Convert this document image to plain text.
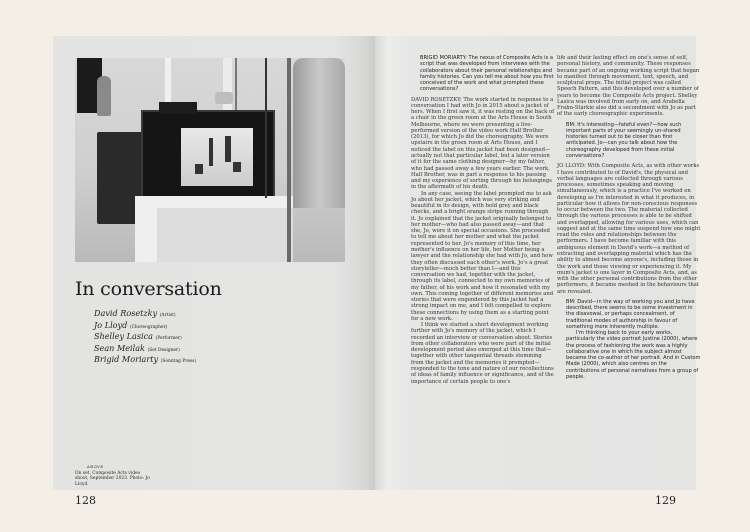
In conversation
David Rosetzky (Artist)
Jo Lloyd (Choreographer)
Shelley Lasica (Performer)
Sean Meilak (Set Designer)
Brigid Moriarty (Sonntag Press)
ABOVE
On set, Composite Acts video shoot, September 2023. Photo: Jo Lloyd.
128	129

BRIGID MORIARTY: The nexus of Composite Acts is a script that was developed from interviews with the collaborators about their personal relationships and family histories. Can you tell me about how you first conceived of the work and what prompted these conversations?

DAVID ROSETZKY: The work started in response to a conversation I had with Jo in 2015 about a jacket of hers. When I first saw it, it was resting on the back of a chair in the green room at the Arts House in South Melbourne, where we were presenting a live-performed version of the video work Half Brother (2013), for which Jo did the choreography. We were upstairs in the green room at Arts House, and I noticed the label on this jacket had been designed—actually not that particular label, but a later version of it for the same clothing designer—by my father, who had passed away a few years earlier. The work, Half Brother, was in part a response to his passing and my experience of sorting through his belongings in the aftermath of his death.

In any case, seeing the label prompted me to ask Jo about her jacket, which was very striking and beautiful in its design, with bold grey and black checks, and a bright orange stripe running through it. Jo explained that the jacket originally belonged to her mother—who had also passed away—and that she, Jo, wore it on special occasions. She proceeded to tell me about her mother and what the jacket represented to her. Jo's memory of this time, her mother's influence on her life, her Mother being a lawyer and the relationship she had with Jo, and how they often discussed each other's work. Jo's a great storyteller—much better than I—and this conversation we had, together with the jacket, through its label, connected to my own memories of my father, of his work and how it resonated with my own. This coming together of different memories and stories that were engendered by this jacket had a strong impact on me, and I felt compelled to explore these connections by using them as a starting point for a new work.

I think we started a short development working further with Jo's memory of the jacket, which I recorded an interview or conversation about. Stories from other collaborators who were part of the initial development period also emerged at this time that—together with other tangential threads stemming from the jacket and the memories it prompted—responded to the tone and nature of our recollections of ideas of family influence or significance, and of the importance of certain people to one's

life and their lasting effect on one's sense of self, personal history, and community. These responses became part of an ongoing working script that began to manifest through movement, text, speech, and sculptural props. The initial project was called Speech Pattern, and this developed over a number of years to become the Composite Acts project. Shelley Lasica was involved from early on, and Arabella Frahn-Starkie also did a secondment with Jo as part of the early choreographic experiments.

BM: It's interesting—fateful even?—how such important parts of your seemingly un-shared histories turned out to be closer than first anticipated. Jo—can you talk about how the choreography developed from these initial conversations?

JO LLOYD: With Composite Acts, as with other works I have contributed to of David's, the physical and verbal languages are collected through various processes, sometimes speaking and moving simultaneously, which is a practice I've worked on developing as I'm interested in what it produces, in particular how it allows for non-conscious responses to occur between the two. The material collected through the various processes is able to be shifted and overlapped, allowing for various uses, which can suggest and at the same time suspend how one might read the roles and relationships between the performers. I have become familiar with this ambiguous element in David's work—a method of extracting and overlapping material which has the ability to almost become anyone's, including those in the work and those viewing or experiencing it. My mum's jacket is one layer in Composite Acts, and, as with the other personal contributions from the other performers, it became meshed in the behaviours that are revealed.

BM: David—in the way of working you and Jo have described, there seems to be some investment in the disavowal, or perhaps concealment, of traditional modes of authorship in favour of something more inherently multiple.

I'm thinking back to your early works, particularly the video portrait Justine (2000), where the process of fashioning the work was a highly collaborative one in which the subject almost became the co-author of her portrait. And in Custom Made (2000), which also centres on the contributions of personal narratives from a group of people.
